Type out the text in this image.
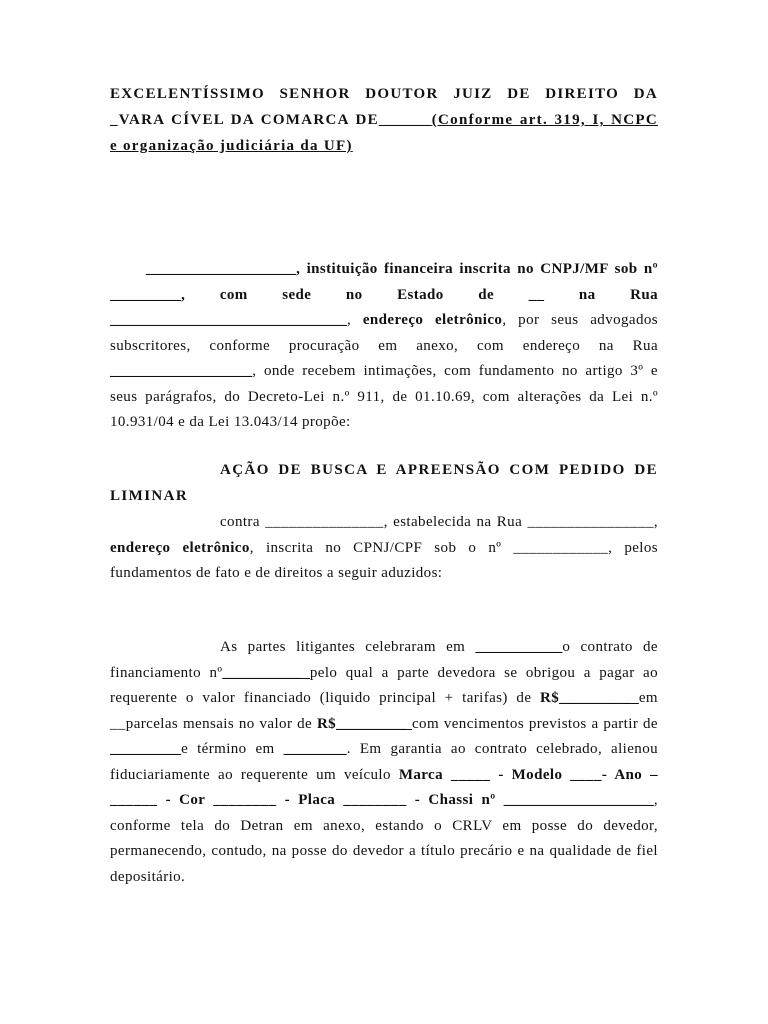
EXCELENTÍSSIMO SENHOR DOUTOR JUIZ DE DIREITO DA _VARA CÍVEL DA COMARCA DE______(Conforme art. 319, I, NCPC e organização judiciária da UF)

___________________, instituição financeira inscrita no CNPJ/MF sob nº _________, com sede no Estado de __ na Rua ______________________________, endereço eletrônico, por seus advogados subscritores, conforme procuração em anexo, com endereço na Rua __________________, onde recebem intimações, com fundamento no artigo 3º e seus parágrafos, do Decreto-Lei n.º 911, de 01.10.69, com alterações da Lei n.º 10.931/04 e da Lei 13.043/14 propõe:

AÇÃO DE BUSCA E APREENSÃO COM PEDIDO DE LIMINAR

contra _______________, estabelecida na Rua ________________, endereço eletrônico, inscrita no CPNJ/CPF sob o nº ____________, pelos fundamentos de fato e de direitos a seguir aduzidos:

As partes litigantes celebraram em ___________o contrato de financiamento nº__________ pelo qual a parte devedora se obrigou a pagar ao requerente o valor financiado (liquido principal + tarifas) de R$_________ em __parcelas mensais no valor de R$_________ com vencimentos previstos a partir de _________e término em ________. Em garantia ao contrato celebrado, alienou fiduciariamente ao requerente um veículo Marca _____ - Modelo ____- Ano – ______ - Cor ________ - Placa ________ - Chassi nº ___________________, conforme tela do Detran em anexo, estando o CRLV em posse do devedor, permanecendo, contudo, na posse do devedor a título precário e na qualidade de fiel depositário.
